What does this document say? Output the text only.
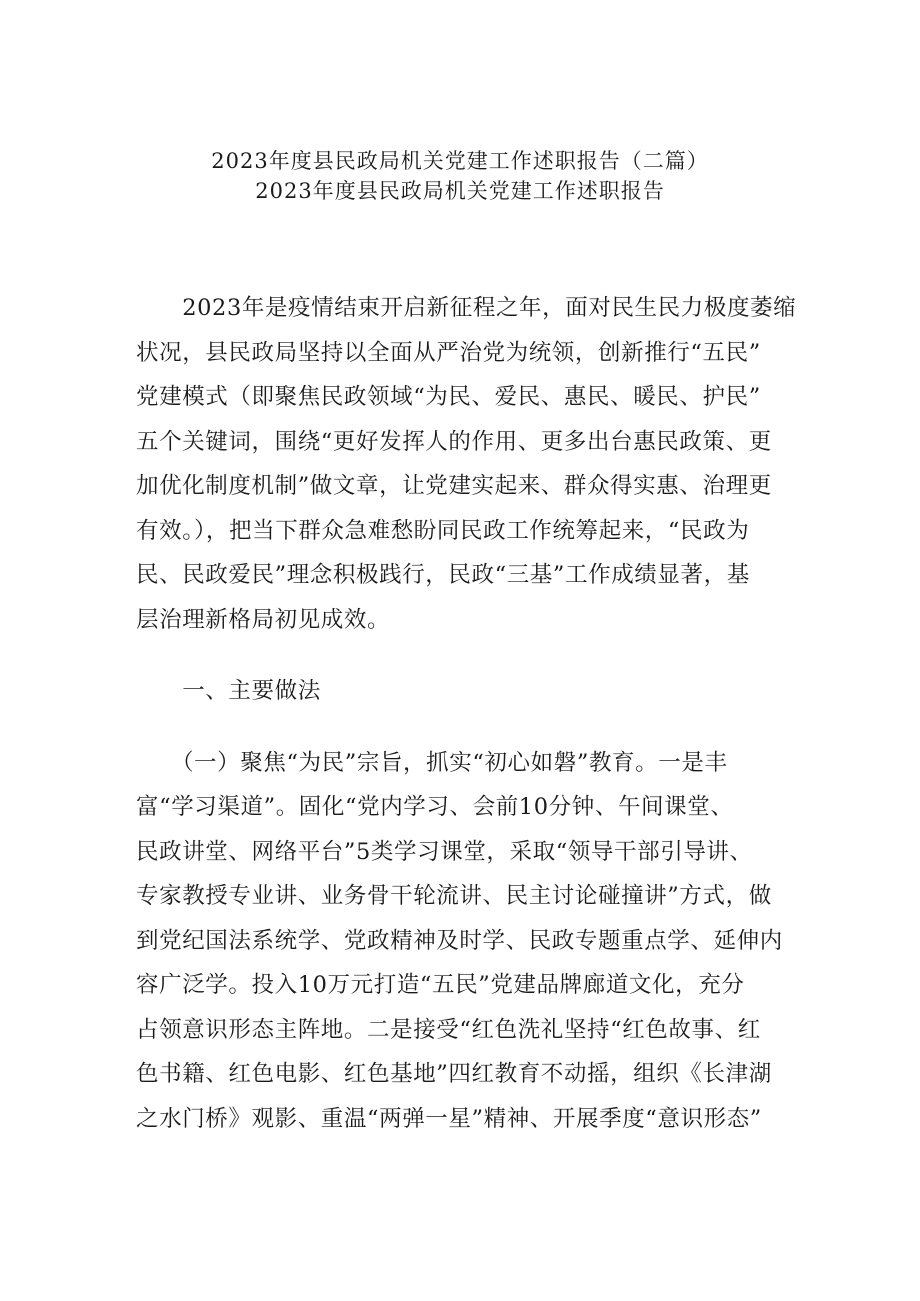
2023年度县民政局机关党建工作述职报告（二篇）
2023年度县民政局机关党建工作述职报告
　　2023年是疫情结束开启新征程之年，面对民生民力极度萎缩
状况，县民政局坚持以全面从严治党为统领，创新推行“五民”
党建模式（即聚焦民政领域“为民、爱民、惠民、暖民、护民”
五个关键词，围绕“更好发挥人的作用、更多出台惠民政策、更
加优化制度机制”做文章，让党建实起来、群众得实惠、治理更
有效。），把当下群众急难愁盼同民政工作统筹起来，“民政为
民、民政爱民”理念积极践行，民政“三基”工作成绩显著，基
层治理新格局初见成效。
　　一、主要做法
　　（一）聚焦“为民”宗旨，抓实“初心如磐”教育。一是丰
富“学习渠道”。固化“党内学习、会前10分钟、午间课堂、
民政讲堂、网络平台”5类学习课堂，采取“领导干部引导讲、
专家教授专业讲、业务骨干轮流讲、民主讨论碰撞讲”方式，做
到党纪国法系统学、党政精神及时学、民政专题重点学、延伸内
容广泛学。投入10万元打造“五民”党建品牌廊道文化，充分
占领意识形态主阵地。二是接受“红色洗礼坚持“红色故事、红
色书籍、红色电影、红色基地”四红教育不动摇，组织《长津湖
之水门桥》观影、重温“两弹一星”精神、开展季度“意识形态”
